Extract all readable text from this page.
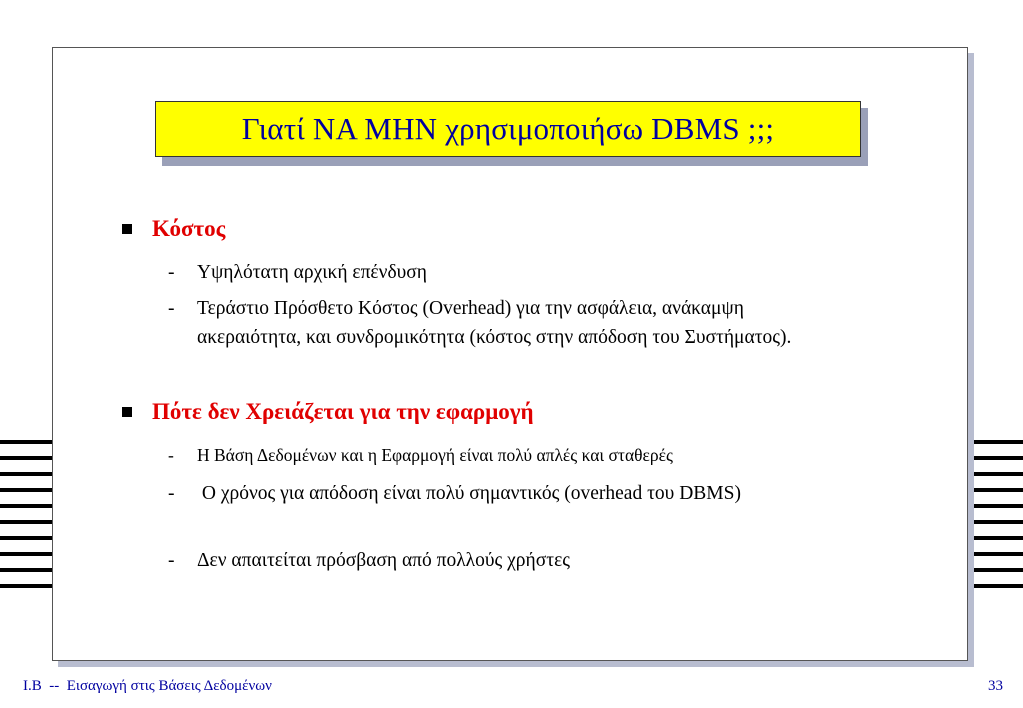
Γιατί ΝΑ ΜΗΝ χρησιμοποιήσω DBMS ;;;
Κόστος
- Υψηλότατη αρχική επένδυση
- Τεράστιο Πρόσθετο Κόστος (Overhead) για την ασφάλεια, ανάκαμψη ακεραιότητα, και συνδρομικότητα (κόστος στην απόδοση του Συστήματος).
Πότε δεν Χρειάζεται για την εφαρμογή
- Η Βάση Δεδομένων και η Εφαρμογή είναι πολύ απλές και σταθερές
- Ο χρόνος για απόδοση είναι πολύ σημαντικός (overhead του DBMS)
- Δεν απαιτείται πρόσβαση από πολλούς χρήστες
Ι.Β  --  Εισαγωγή στις Βάσεις Δεδομένων	33
